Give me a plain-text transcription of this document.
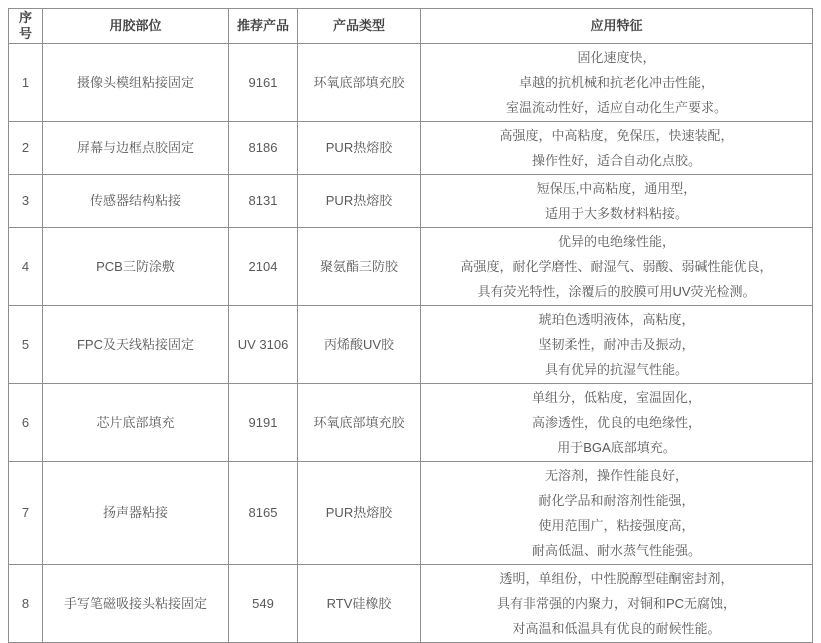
序号	用胶部位	推荐产品	产品类型	应用特征
1	摄像头模组粘接固定	9161	环氧底部填充胶	固化速度快，
卓越的抗机械和抗老化冲击性能，
室温流动性好，适应自动化生产要求。

2	屏幕与边框点胶固定	8186	PUR热熔胶	高强度，中高粘度，免保压，快速装配，
操作性好，适合自动化点胶。

3	传感器结构粘接	8131	PUR热熔胶	短保压,中高粘度，通用型，
适用于大多数材料粘接。

4	PCB三防涂敷	2104	聚氨酯三防胶	优异的电绝缘性能，
高强度，耐化学磨性、耐湿气、弱酸、弱碱性能优良，
具有荧光特性，涂覆后的胶膜可用UV荧光检测。

5	FPC及天线粘接固定	UV 3106	丙烯酸UV胶	琥珀色透明液体，高粘度，
坚韧柔性，耐冲击及振动，
具有优异的抗湿气性能。

6	芯片底部填充	9191	环氧底部填充胶	单组分，低粘度，室温固化，
高渗透性，优良的电绝缘性，
用于BGA底部填充。

7	扬声器粘接	8165	PUR热熔胶	无溶剂，操作性能良好，
耐化学品和耐溶剂性能强，
使用范围广，粘接强度高，
耐高低温、耐水蒸气性能强。

8	手写笔磁吸接头粘接固定	549	RTV硅橡胶	透明，单组份，中性脱醇型硅酮密封剂，
具有非常强的内聚力，对铜和PC无腐蚀，
对高温和低温具有优良的耐候性能。
